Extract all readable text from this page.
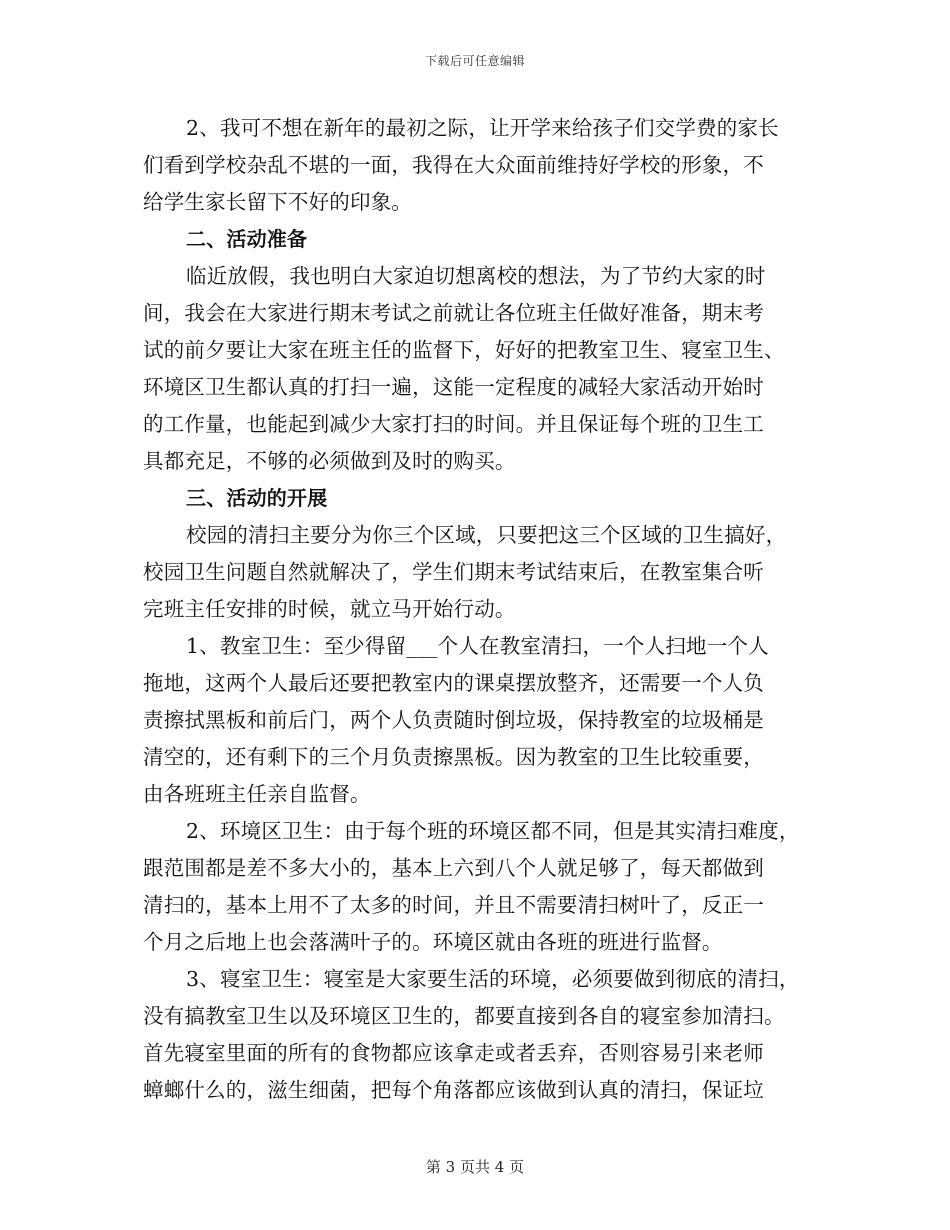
下载后可任意编辑
2、我可不想在新年的最初之际，让开学来给孩子们交学费的家长
们看到学校杂乱不堪的一面，我得在大众面前维持好学校的形象，不
给学生家长留下不好的印象。
二、活动准备
临近放假，我也明白大家迫切想离校的想法，为了节约大家的时
间，我会在大家进行期末考试之前就让各位班主任做好准备，期末考
试的前夕要让大家在班主任的监督下，好好的把教室卫生、寝室卫生、
环境区卫生都认真的打扫一遍，这能一定程度的减轻大家活动开始时
的工作量，也能起到减少大家打扫的时间。并且保证每个班的卫生工
具都充足，不够的必须做到及时的购买。
三、活动的开展
校园的清扫主要分为你三个区域，只要把这三个区域的卫生搞好，
校园卫生问题自然就解决了，学生们期末考试结束后，在教室集合听
完班主任安排的时候，就立马开始行动。
1、教室卫生：至少得留___个人在教室清扫，一个人扫地一个人
拖地，这两个人最后还要把教室内的课桌摆放整齐，还需要一个人负
责擦拭黑板和前后门，两个人负责随时倒垃圾，保持教室的垃圾桶是
清空的，还有剩下的三个月负责擦黑板。因为教室的卫生比较重要，
由各班班主任亲自监督。
2、环境区卫生：由于每个班的环境区都不同，但是其实清扫难度，
跟范围都是差不多大小的，基本上六到八个人就足够了，每天都做到
清扫的，基本上用不了太多的时间，并且不需要清扫树叶了，反正一
个月之后地上也会落满叶子的。环境区就由各班的班进行监督。
3、寝室卫生：寝室是大家要生活的环境，必须要做到彻底的清扫，
没有搞教室卫生以及环境区卫生的，都要直接到各自的寝室参加清扫。
首先寝室里面的所有的食物都应该拿走或者丢弃，否则容易引来老师
蟑螂什么的，滋生细菌，把每个角落都应该做到认真的清扫，保证垃
第 3 页共 4 页
